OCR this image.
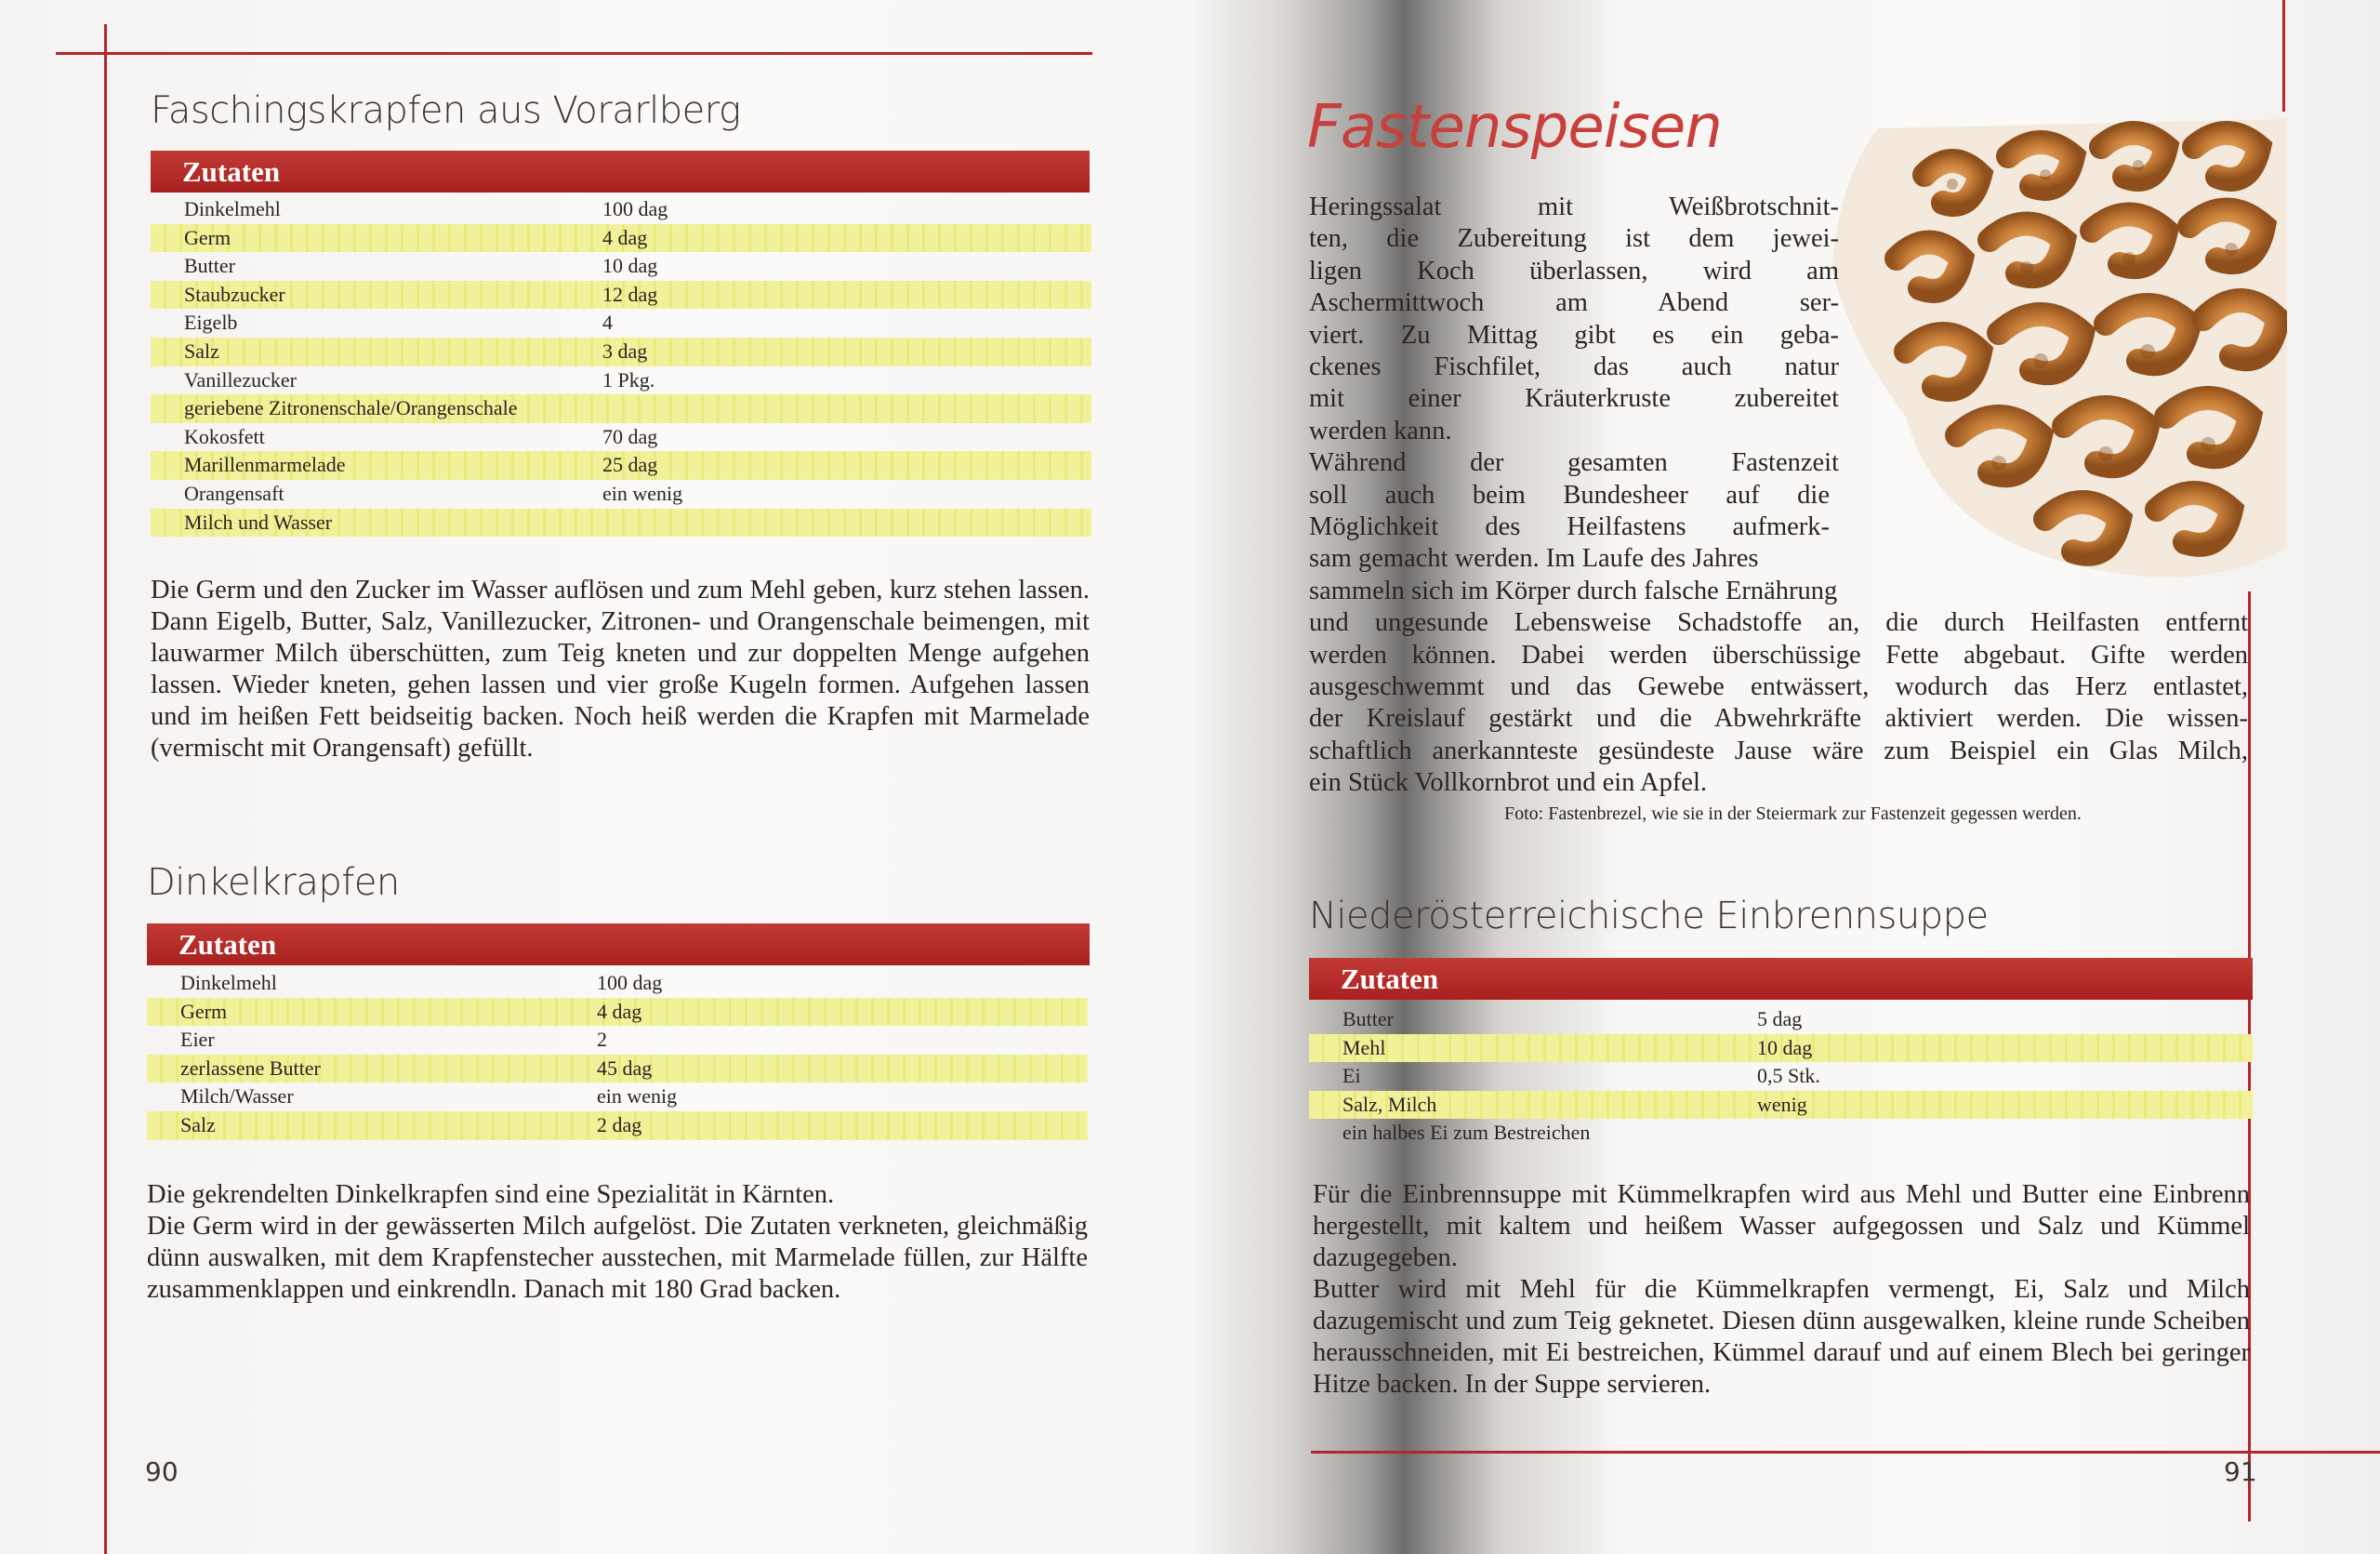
Faschingskrapfen aus Vorarlberg
Zutaten
Dinkelmehl	100 dag
Germ	4 dag
Butter	10 dag
Staubzucker	12 dag
Eigelb	4
Salz	3 dag
Vanillezucker	1 Pkg.
geriebene Zitronenschale/Orangenschale
Kokosfett	70 dag
Marillenmarmelade	25 dag
Orangensaft	ein wenig
Milch und Wasser

Die Germ und den Zucker im Wasser auflösen und zum Mehl geben, kurz stehen lassen. Dann Eigelb, Butter, Salz, Vanillezucker, Zitronen- und Orangenschale beimengen, mit lauwarmer Milch überschütten, zum Teig kneten und zur doppelten Menge aufgehen lassen. Wieder kneten, gehen lassen und vier große Kugeln formen. Aufgehen lassen und im heißen Fett beidseitig backen. Noch heiß werden die Krapfen mit Marmelade (vermischt mit Orangensaft) gefüllt.

Dinkelkrapfen
Zutaten
Dinkelmehl	100 dag
Germ	4 dag
Eier	2
zerlassene Butter	45 dag
Milch/Wasser	ein wenig
Salz	2 dag

Die gekrendelten Dinkelkrapfen sind eine Spezialität in Kärnten.

Die Germ wird in der gewässerten Milch aufgelöst. Die Zutaten verkneten, gleichmäßig dünn auswalken, mit dem Krapfenstecher ausstechen, mit Marmelade füllen, zur Hälfte zusammenklappen und einkrendln. Danach mit 180 Grad backen.

90
Fastenspeisen
Heringssalat mit Weißbrotschnit-
ten, die Zubereitung ist dem jewei-
ligen Koch überlassen, wird am
Aschermittwoch am Abend ser-
viert. Zu Mittag gibt es ein geba-
ckenes Fischfilet, das auch natur
mit einer Kräuterkruste zubereitet
werden kann.
Während der gesamten Fastenzeit
soll auch beim Bundesheer auf die
Möglichkeit des Heilfastens aufmerk-
sam gemacht werden. Im Laufe des Jahres
sammeln sich im Körper durch falsche Ernährung
und ungesunde Lebensweise Schadstoffe an, die durch Heilfasten entfernt
werden können. Dabei werden überschüssige Fette abgebaut. Gifte werden
ausgeschwemmt und das Gewebe entwässert, wodurch das Herz entlastet,
der Kreislauf gestärkt und die Abwehrkräfte aktiviert werden. Die wissen-
schaftlich anerkannteste gesündeste Jause wäre zum Beispiel ein Glas Milch,
ein Stück Vollkornbrot und ein Apfel.
Foto: Fastenbrezel, wie sie in der Steiermark zur Fastenzeit gegessen werden.
Niederösterreichische Einbrennsuppe
Zutaten
Butter	5 dag
Mehl	10 dag
Ei	0,5 Stk.
Salz, Milch	wenig
ein halbes Ei zum Bestreichen

Für die Einbrennsuppe mit Kümmelkrapfen wird aus Mehl und Butter eine Einbrenn hergestellt, mit kaltem und heißem Wasser aufgegossen und Salz und Kümmel dazugegeben.

Butter wird mit Mehl für die Kümmelkrapfen vermengt, Ei, Salz und Milch dazugemischt und zum Teig geknetet. Diesen dünn ausgewalken, kleine runde Scheiben herausschneiden, mit Ei bestreichen, Kümmel darauf und auf einem Blech bei geringer Hitze backen. In der Suppe servieren.

91
